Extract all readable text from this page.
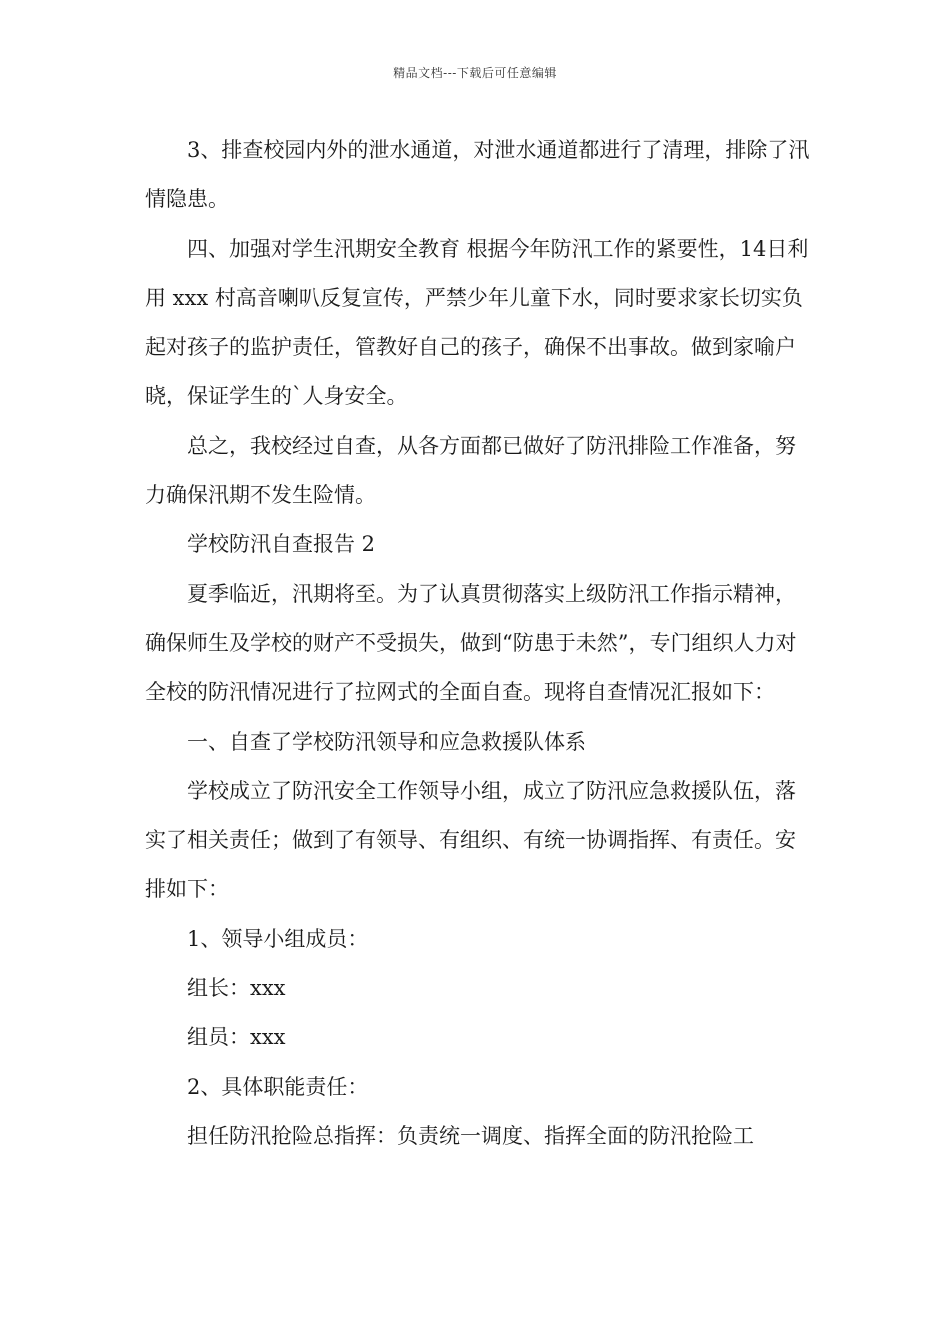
精品文档---下载后可任意编辑

3、排查校园内外的泄水通道，对泄水通道都进行了清理，排除了汛情隐患。

四、加强对学生汛期安全教育 根据今年防汛工作的紧要性，14日利用 xxx 村高音喇叭反复宣传，严禁少年儿童下水，同时要求家长切实负起对孩子的监护责任，管教好自己的孩子，确保不出事故。做到家喻户晓，保证学生的`人身安全。

总之，我校经过自查，从各方面都已做好了防汛排险工作准备，努力确保汛期不发生险情。

学校防汛自查报告 2

夏季临近，汛期将至。为了认真贯彻落实上级防汛工作指示精神，确保师生及学校的财产不受损失，做到“防患于未然”，专门组织人力对全校的防汛情况进行了拉网式的全面自查。现将自查情况汇报如下：

一、自查了学校防汛领导和应急救援队体系

学校成立了防汛安全工作领导小组，成立了防汛应急救援队伍，落实了相关责任；做到了有领导、有组织、有统一协调指挥、有责任。安排如下：

1、领导小组成员：

组长：xxx

组员：xxx

2、具体职能责任：

担任防汛抢险总指挥：负责统一调度、指挥全面的防汛抢险工
